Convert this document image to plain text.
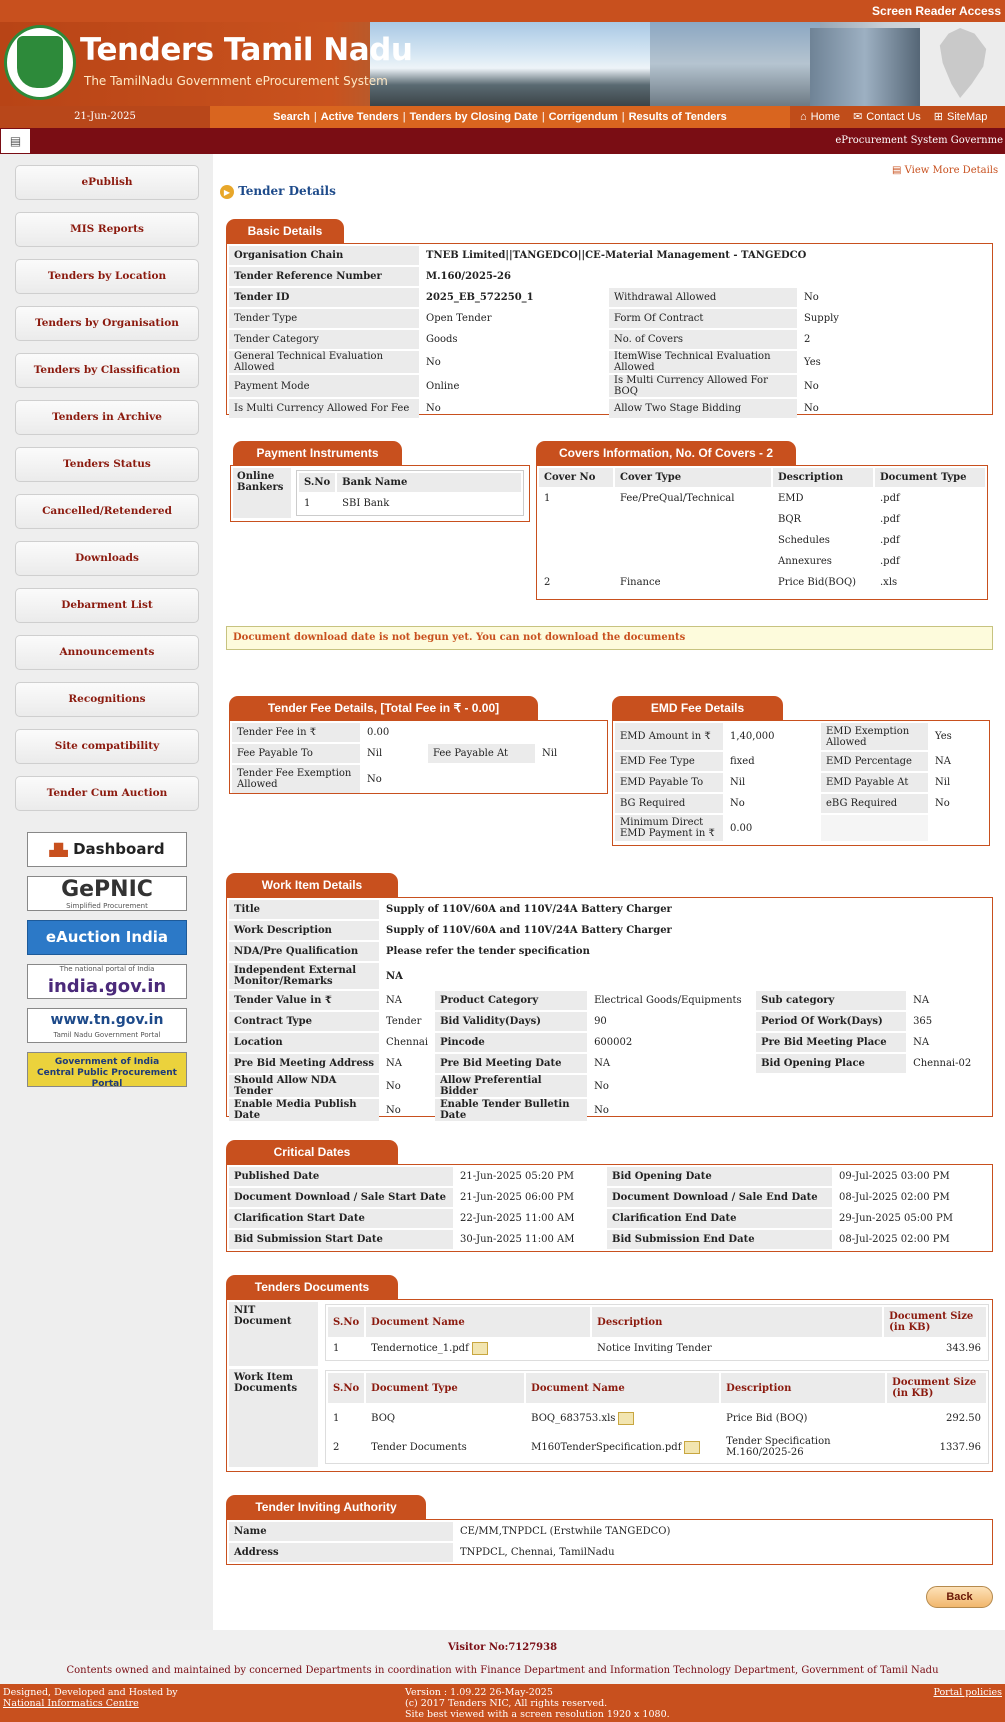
Screen Reader Access
Tenders Tamil Nadu
The TamilNadu Government eProcurement System
21-Jun-2025	Search | Active Tenders | Tenders by Closing Date | Corrigendum | Results of Tenders	⌂ Home ✉ Contact Us ⊞ SiteMap
▤	eProcurement System Governme
ePublish
MIS Reports
Tenders by Location
Tenders by Organisation
Tenders by Classification
Tenders in Archive
Tenders Status
Cancelled/Retendered
Downloads
Debarment List
Announcements
Recognitions
Site compatibility
Tender Cum Auction
▟▙ Dashboard
GePNIC
Simplified Procurement
eAuction India
The national portal of India
india.gov.in
www.tn.gov.in
Tamil Nadu Government Portal
Government of India
Central Public Procurement Portal
▤ View More Details
▶ Tender Details
Basic Details
Organisation Chain	TNEB Limited||TANGEDCO||CE-Material Management - TANGEDCO		
Tender Reference Number	M.160/2025-26		
Tender ID	2025_EB_572250_1	Withdrawal Allowed	No
Tender Type	Open Tender	Form Of Contract	Supply
Tender Category	Goods	No. of Covers	2
General Technical Evaluation Allowed	No	ItemWise Technical Evaluation Allowed	Yes
Payment Mode	Online	Is Multi Currency Allowed For BOQ	No
Is Multi Currency Allowed For Fee	No	Allow Two Stage Bidding	No
Payment Instruments
Online Bankers	S.No	Bank Name
1	SBI Bank
Covers Information, No. Of Covers - 2
Cover No	Cover Type	Description	Document Type
1	Fee/PreQual/Technical	EMD	.pdf
		BQR	.pdf
		Schedules	.pdf
		Annexures	.pdf
2	Finance	Price Bid(BOQ)	.xls
Document download date is not begun yet. You can not download the documents
Tender Fee Details, [Total Fee in ₹ - 0.00]
Tender Fee in ₹	0.00		
Fee Payable To	Nil	Fee Payable At	Nil
Tender Fee Exemption Allowed	No		
EMD Fee Details
EMD Amount in ₹	1,40,000	EMD Exemption Allowed	Yes
EMD Fee Type	fixed	EMD Percentage	NA
EMD Payable To	Nil	EMD Payable At	Nil
BG Required	No	eBG Required	No
Minimum Direct EMD Payment in ₹	0.00		
Work Item Details
Title	Supply of 110V/60A and 110V/24A Battery Charger				
Work Description	Supply of 110V/60A and 110V/24A Battery Charger				
NDA/Pre Qualification	Please refer the tender specification				
Independent External Monitor/Remarks	NA				
Tender Value in ₹	NA	Product Category	Electrical Goods/Equipments	Sub category	NA
Contract Type	Tender	Bid Validity(Days)	90	Period Of Work(Days)	365
Location	Chennai	Pincode	600002	Pre Bid Meeting Place	NA
Pre Bid Meeting Address	NA	Pre Bid Meeting Date	NA	Bid Opening Place	Chennai-02
Should Allow NDA Tender	No	Allow Preferential Bidder	No		
Enable Media Publish Date	No	Enable Tender Bulletin Date	No		
Critical Dates
Published Date	21-Jun-2025 05:20 PM	Bid Opening Date	09-Jul-2025 03:00 PM
Document Download / Sale Start Date	21-Jun-2025 06:00 PM	Document Download / Sale End Date	08-Jul-2025 02:00 PM
Clarification Start Date	22-Jun-2025 11:00 AM	Clarification End Date	29-Jun-2025 05:00 PM
Bid Submission Start Date	30-Jun-2025 11:00 AM	Bid Submission End Date	08-Jul-2025 02:00 PM
Tenders Documents
NIT Document	S.No	Document Name	Description	Document Size (in KB)
1	Tendernotice_1.pdf	Notice Inviting Tender	343.96
Work Item Documents	S.No	Document Type	Document Name	Description	Document Size (in KB)
1	BOQ	BOQ_683753.xls	Price Bid (BOQ)	292.50
2	Tender Documents	M160TenderSpecification.pdf	Tender Specification M.160/2025-26	1337.96
Tender Inviting Authority
Name	CE/MM,TNPDCL (Erstwhile TANGEDCO)
Address	TNPDCL, Chennai, TamilNadu
Back
Visitor No:7127938
Contents owned and maintained by concerned Departments in coordination with Finance Department and Information Technology Department, Government of Tamil Nadu
Designed, Developed and Hosted by
National Informatics Centre
Version : 1.09.22 26-May-2025
(c) 2017 Tenders NIC, All rights reserved.
Site best viewed with a screen resolution 1920 x 1080.
Portal policies
